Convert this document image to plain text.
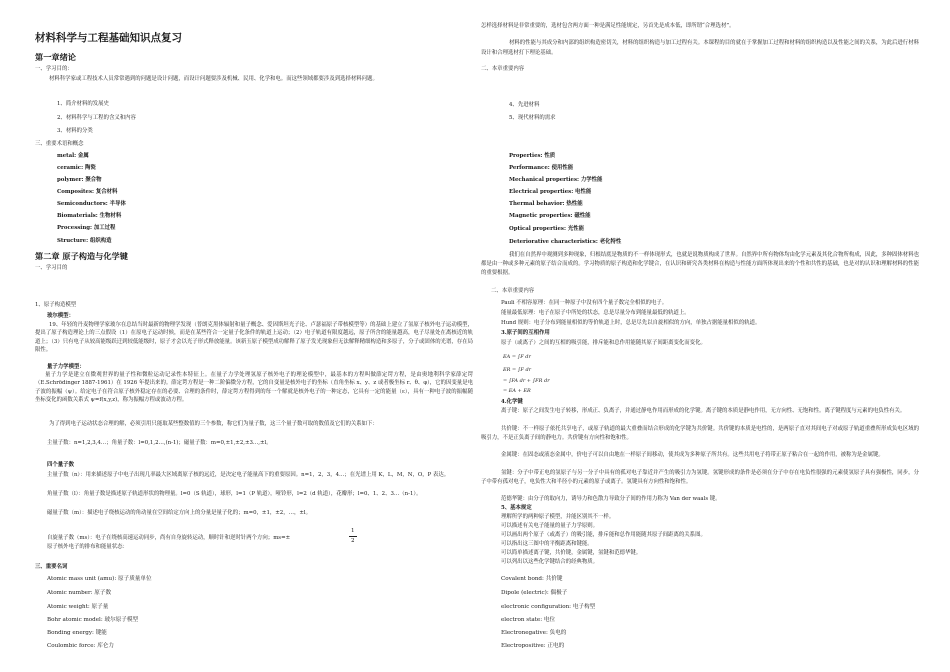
材料科学与工程基础知识点复习
第一章绪论
一、学习目的：
材料科学家或工程技术人员常常遇到的问题是设计问题，而设计问题要涉及机械、民用、化学和电。而这些领域都要涉及到选择材料问题。
1、简介材料的发展史
2、材料科学与工程的含义和内容
3、材料的分类
三、重要术语和概念
metal: 金属
ceramic: 陶瓷
polymer: 聚合物
Composites: 复合材料
Semiconductors: 半导体
Biomaterials: 生物材料
Processing: 加工过程
Structure: 组织构造
第二章 原子构造与化学键
一、学习目的
1、原子构造模型
玻尔模型：
19、年轻的丹麦物理学家玻尔在总结当时最新的物理学发现（普朗克黑体辐射和量子概念、爱因斯坦光子论、卢瑟福原子带核模型等）的基础上建立了氢原子核外电子运动模型，提出了原子构造理论上的三点假设（1）在原电子运动时候，而是在某些符合一定量子化条件的轨道上运动；（2）电子轨道有限度越远，原子所含的能量越高，电子尽量处在离核近的轨道上；（3）只有电子从较高能级跃迁到较低能级时，原子才会以光子形式释放能量。该新玉原子模型成功解释了原子发光现象但无法解释精细构造和多原子，分子或固体的光谱，存在局限性。
量子力学模型：
量子力学是建立在微观世界的量子性和微粒运动记录性本特征上。在量子力学处理氢原子核外电子的理论模型中，最基本的方程叫做薛定谔方程，是由奥地利科学家薛定谔（E.Schrödinger 1887-1961）在 1926 年提出来的。薛定谔方程是一种二阶偏微分方程，它的自变量是核外电子的坐标（直角坐标 x、y、z 或者极坐标 r、θ、φ），它的因变量是电子波的振幅（ψ）。给定电子在符合原子核外稳定存在的必要、合理的条件时，薛定谔方程得到的每一个解就是核外电子的一种定态，它具有一定的能量（ε），具有一种电子波的振幅随坐标变化的函数关系式 ψ=f(x,y,z)，称为振幅方程或波动方程。
为了得到电子运动状态合理的解，必须引用只能取某些整数值的三个参数，称它们为量子数，这三个量子数可取的数值及它们的关系如下：
主量子数：n=1,2,3,4…；角量子数：l=0,1,2…,(n-1)；磁量子数：m=0,±1,±2,±3…,±l。
四个量子数
主量子数（n）：用来描述原子中电子出现几率最大区域离原子核的远近，是决定电子能量高下的重要原因。n=1，2，3，4…；在光谱上用 K，L，M，N，O，P 表达。
角量子数（l）：角量子数是描述原子轨道形状的物理量。l=0（S 轨道），球形，l=1（P 轨道），哑铃形，l=2（d 轨道），花瓣形；l=0、1、2、3…（n-1）。
磁量子数（m）：描述电子绕核运动的角动量在空间给定方向上的分量是量子化的；m=0，±1，±2，…，±l。
自旋量子数（ms）：电子在绕核高速运动同步，尚有自身旋转运动，顺时针和逆时针两个方向；ms=±
1
2
原子核外电子的排布和能量状态：
三、重要名词
Atomic mass unit (amu): 原子质量单位
Atomic number: 原子数
Atomic weight: 原子量
Bohr atomic model: 玻尔原子模型
Bonding energy: 键能
Coulombic force: 库仑力
怎样选择材料是非常重要的，选材包含两方面一种是满足性能规定，另首先是成本低，即所谓“合理选材”。
材料的性能与其成分和内部的组织构造密切关，材料的组织构造与加工过程有关。本课程的目的就在于掌握加工过程和材料的组织构造以及性能之间的关系，为此后进行材料设计和合理选材打下理论基础。
二、本章重要内容
4、先进材料
5、现代材料的需求
Properties: 性质
Performance: 使用性能
Mechanical properties: 力学性能
Electrical properties: 电性能
Thermal behavior: 热性能
Magnetic properties: 磁性能
Optical properties: 光性能
Deteriorative characteristics: 老化特性
我们在自然界中观测到多种现象，归根结底是物质的不一样体现形式，也就是说物质构成了世界。自然界中所有物体均由化学元素及其化合物所构成，因此，多种固体材料也都是由一种或多种元素的原子结合而成的。学习物质的原子构造和化学键合，在认识和研究各类材料在构造与性能方面所体现出来的个性和共性的基础，也是对的认识和理解材料的性能的重要根据。
二、本章重要内容
Pauli 不相容原理：在同一种原子中没有四个量子数完全相似的电子。
能量最低原理：电子在原子中所处的状态，总是尽量分布到能量最低的轨道上。
Hund 规则：电子分布到能量相似的等价轨道上时，总是尽先以自旋相似的方向，单独占据能量相似的轨道。
3.原子间的互相作用
原子（或离子）之间的互相的吸引能，排斥能和总作用能随其原子间距离变化而变化。
EA = ∫F dr
ER = ∫F dr
= ∫FA dr + ∫FR dr
= EA + ER
4.化学键
离子键：原子之间发生电子转移，形成正、负离子，并通过静电作用而形成的化学键。离子键的本质是静电作用，无方向性、无饱和性。离子键程度与元素的电负性有关。
共价键：不一样原子依托共享电子，或原子轨道的最大重叠而结合形成的化学键为共价键。共价键的本质是电性的，是两原子直对其间电子对或原子轨道重叠所形成负电区域的吸引力，不是正负离子间的静电力。共价键有方向性和饱和性。
金属键：在固态或液态金属中，价电子可以自由地在一样原子间移动，使其成为多种原子所共有。这些共用电子将带正原子粘合在一起的作用，被称为是金属键。
氢键：分子中带正电的氢原子与另一分子中具有的孤对电子靠近并产生的吸引力为氢键。氢键形成的条件是必须在分子中存在电负性很强的元素使氢原子具有强极性，同步，分子中带有孤对电子，电负性大和半径小的元素的原子或离子。氢键具有方向性和饱和性。
范德华键：由分子的取向力，诱导力和色散力导致分子间的作用力称为 Van der waals 键。
5、基本规定
理解所学的两种原子模型，并能区别其不一样。
可以描述有关电子能量的量子力学原则。
可以画出两个原子（或离子）的吸引能，排斥能和总作用能随其原子间距离的关系图。
可以指出这三图中的平衡距离和键能。
可以简单描述离子键，共价键，金属键，氢键和范德华键。
可以列出以这些化学键结合的经典物质。
Covalent bond: 共价键
Dipole (electric): 偶极子
electronic configuration: 电子构型
electron state: 电位
Electronegative: 负电的
Electropositive: 正电的
